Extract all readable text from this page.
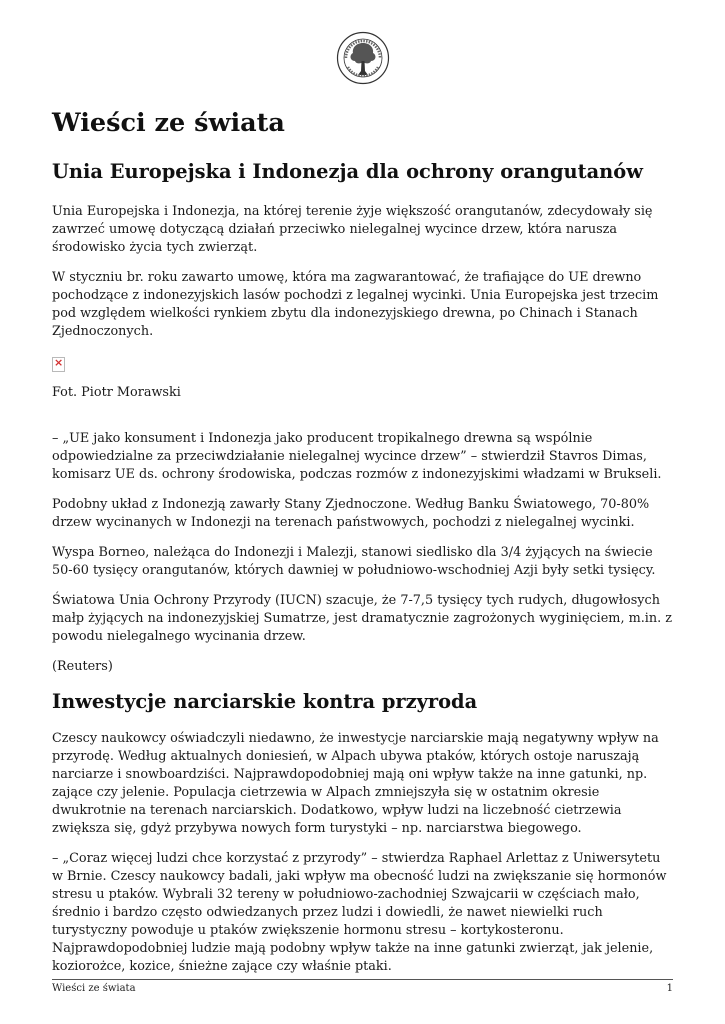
Wieści ze świata
Unia Europejska i Indonezja dla ochrony orangutanów

Unia Europejska i Indonezja, na której terenie żyje większość orangutanów, zdecydowały się zawrzeć umowę dotyczącą działań przeciwko nielegalnej wycince drzew, która narusza środowisko życia tych zwierząt.

W styczniu br. roku zawarto umowę, która ma zagwarantować, że trafiające do UE drewno pochodzące z indonezyjskich lasów pochodzi z legalnej wycinki. Unia Europejska jest trzecim pod względem wielkości rynkiem zbytu dla indonezyjskiego drewna, po Chinach i Stanach Zjednoczonych.

×

Fot. Piotr Morawski

– „UE jako konsument i Indonezja jako producent tropikalnego drewna są wspólnie odpowiedzialne za przeciwdziałanie nielegalnej wycince drzew” – stwierdził Stavros Dimas, komisarz UE ds. ochrony środowiska, podczas rozmów z indonezyjskimi władzami w Brukseli.

Podobny układ z Indonezją zawarły Stany Zjednoczone. Według Banku Światowego, 70-80% drzew wycinanych w Indonezji na terenach państwowych, pochodzi z nielegalnej wycinki.

Wyspa Borneo, należąca do Indonezji i Malezji, stanowi siedlisko dla 3/4 żyjących na świecie 50-60 tysięcy orangutanów, których dawniej w południowo-wschodniej Azji były setki tysięcy.

Światowa Unia Ochrony Przyrody (IUCN) szacuje, że 7-7,5 tysięcy tych rudych, długowłosych małp żyjących na indonezyjskiej Sumatrze, jest dramatycznie zagrożonych wyginięciem, m.in. z powodu nielegalnego wycinania drzew.

(Reuters)

Inwestycje narciarskie kontra przyroda

Czescy naukowcy oświadczyli niedawno, że inwestycje narciarskie mają negatywny wpływ na przyrodę. Według aktualnych doniesień, w Alpach ubywa ptaków, których ostoje naruszają narciarze i snowboardziści. Najprawdopodobniej mają oni wpływ także na inne gatunki, np. zające czy jelenie. Populacja cietrzewia w Alpach zmniejszyła się w ostatnim okresie dwukrotnie na terenach narciarskich. Dodatkowo, wpływ ludzi na liczebność cietrzewia zwiększa się, gdyż przybywa nowych form turystyki – np. narciarstwa biegowego.

– „Coraz więcej ludzi chce korzystać z przyrody” – stwierdza Raphael Arlettaz z Uniwersytetu w Brnie. Czescy naukowcy badali, jaki wpływ ma obecność ludzi na zwiększanie się hormonów stresu u ptaków. Wybrali 32 tereny w południowo-zachodniej Szwajcarii w częściach mało, średnio i bardzo często odwiedzanych przez ludzi i dowiedli, że nawet niewielki ruch turystyczny powoduje u ptaków zwiększenie hormonu stresu – kortykosteronu. Najprawdopodobniej ludzie mają podobny wpływ także na inne gatunki zwierząt, jak jelenie, koziorożce, kozice, śnieżne zające czy właśnie ptaki.

Wieści ze świata	1
